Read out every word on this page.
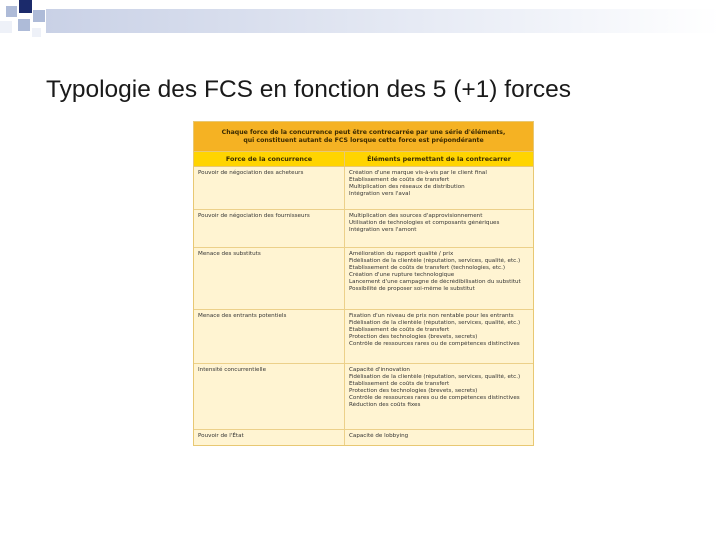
Typologie des FCS en fonction des 5 (+1) forces
Chaque force de la concurrence peut être contrecarrée par une série d'éléments,
qui constituent autant de FCS lorsque cette force est prépondérante
Force de la concurrence	Éléments permettant de la contrecarrer
Pouvoir de négociation des acheteurs	Création d'une marque vis-à-vis par le client final
Établissement de coûts de transfert
Multiplication des réseaux de distribution
Intégration vers l'aval
Pouvoir de négociation des fournisseurs	Multiplication des sources d'approvisionnement
Utilisation de technologies et composants génériques
Intégration vers l'amont
Menace des substituts	Amélioration du rapport qualité / prix
Fidélisation de la clientèle (réputation, services, qualité, etc.)
Établissement de coûts de transfert (technologies, etc.)
Création d'une rupture technologique
Lancement d'une campagne de décrédibilisation du substitut
Possibilité de proposer soi-même le substitut
Menace des entrants potentiels	Fixation d'un niveau de prix non rentable pour les entrants
Fidélisation de la clientèle (réputation, services, qualité, etc.)
Établissement de coûts de transfert
Protection des technologies (brevets, secrets)
Contrôle de ressources rares ou de compétences distinctives
Intensité concurrentielle	Capacité d'innovation
Fidélisation de la clientèle (réputation, services, qualité, etc.)
Établissement de coûts de transfert
Protection des technologies (brevets, secrets)
Contrôle de ressources rares ou de compétences distinctives
Réduction des coûts fixes
Pouvoir de l'État	Capacité de lobbying
